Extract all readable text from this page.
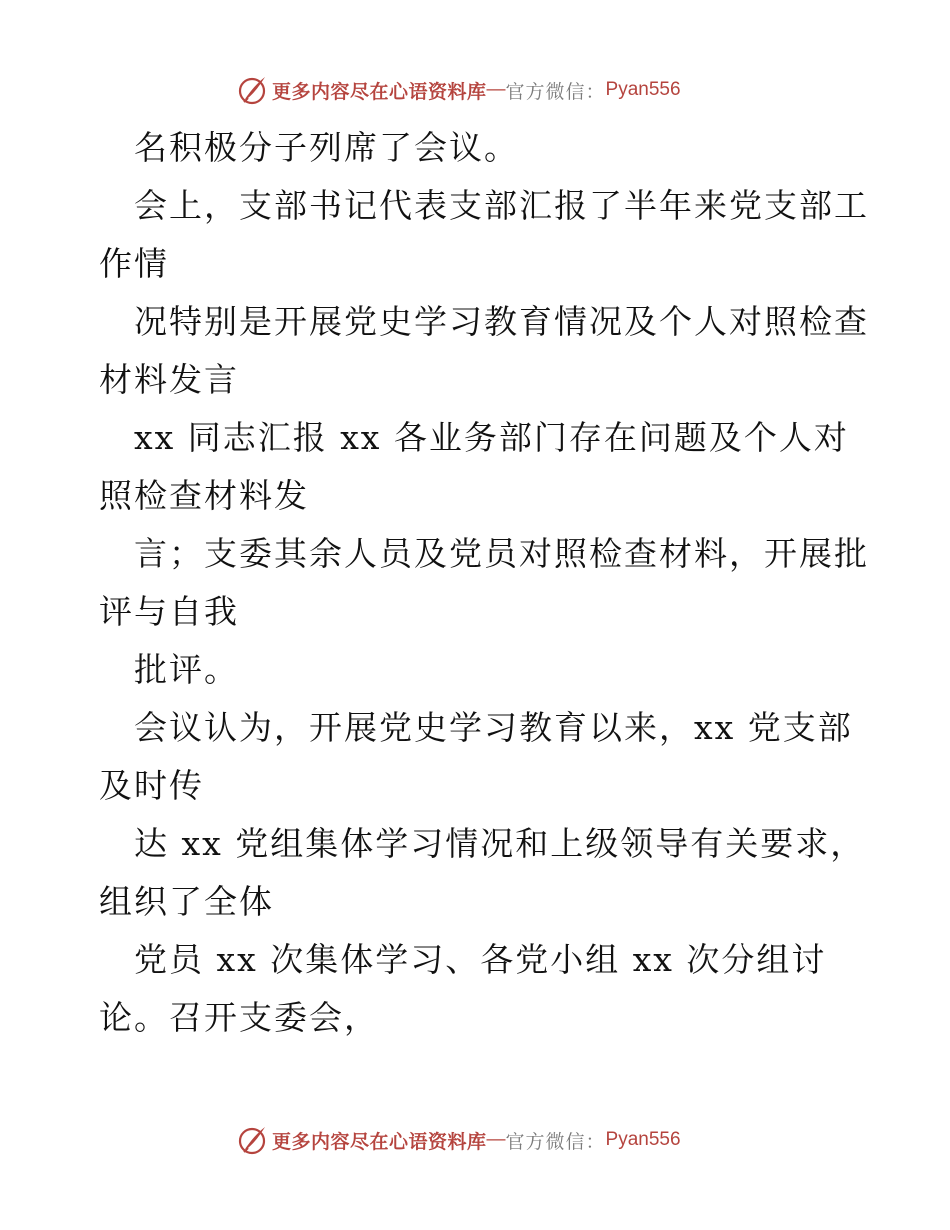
更多内容尽在心语资料库 — 官方微信： Pyan556
名积极分子列席了会议。
会上，支部书记代表支部汇报了半年来党支部工
作情
况特别是开展党史学习教育情况及个人对照检查
材料发言
xx 同志汇报 xx 各业务部门存在问题及个人对
照检查材料发
言；支委其余人员及党员对照检查材料，开展批
评与自我
批评。
会议认为，开展党史学习教育以来，xx 党支部
及时传
达 xx 党组集体学习情况和上级领导有关要求，
组织了全体
党员 xx 次集体学习、各党小组 xx 次分组讨
论。召开支委会，
更多内容尽在心语资料库 — 官方微信： Pyan556
